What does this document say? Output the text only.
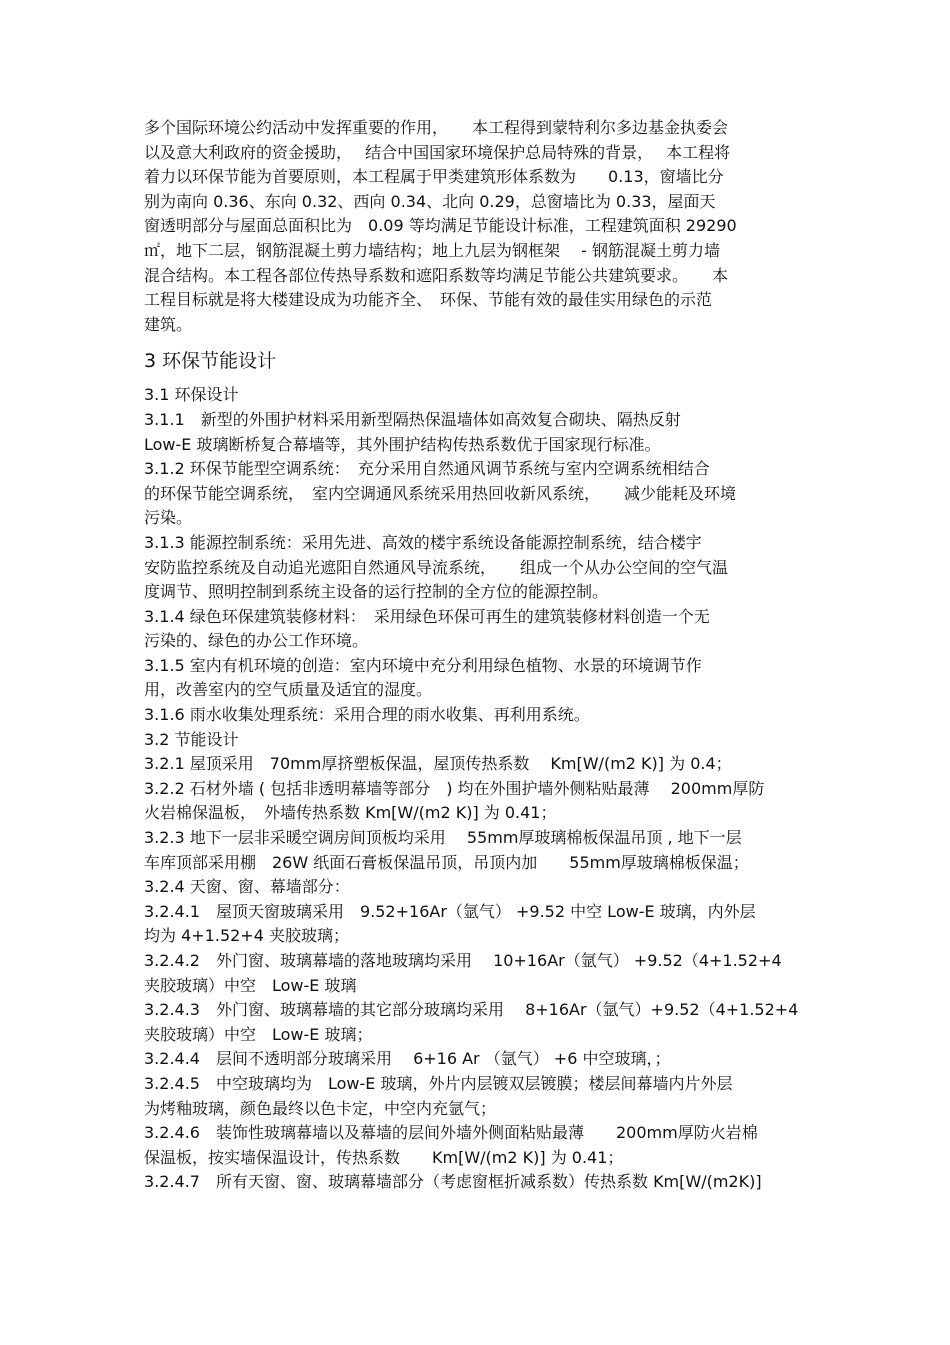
多个国际环境公约活动中发挥重要的作用，　　本工程得到蒙特利尔多边基金执委会
以及意大利政府的资金援助，　 结合中国国家环境保护总局特殊的背景，　 本工程将
着力以环保节能为首要原则，本工程属于甲类建筑形体系数为　　0.13，窗墙比分
别为南向 0.36、东向 0.32、西向 0.34、北向 0.29，总窗墙比为 0.33，屋面天
窗透明部分与屋面总面积比为　0.09 等均满足节能设计标准，工程建筑面积 29290
㎡，地下二层，钢筋混凝土剪力墙结构；地上九层为钢框架　 - 钢筋混凝土剪力墙
混合结构。本工程各部位传热导系数和遮阳系数等均满足节能公共建筑要求。　　本
工程目标就是将大楼建设成为功能齐全、　环保、节能有效的最佳实用绿色的示范
建筑。
3 环保节能设计
3.1 环保设计
3.1.1　新型的外围护材料采用新型隔热保温墙体如高效复合砌块、隔热反射
Low-E 玻璃断桥复合幕墙等，其外围护结构传热系数优于国家现行标准。
3.1.2 环保节能型空调系统：　充分采用自然通风调节系统与室内空调系统相结合
的环保节能空调系统，　室内空调通风系统采用热回收新风系统，　　减少能耗及环境
污染。
3.1.3 能源控制系统：采用先进、高效的楼宇系统设备能源控制系统，结合楼宇
安防监控系统及自动追光遮阳自然通风导流系统，　　组成一个从办公空间的空气温
度调节、照明控制到系统主设备的运行控制的全方位的能源控制。
3.1.4 绿色环保建筑装修材料：　采用绿色环保可再生的建筑装修材料创造一个无
污染的、绿色的办公工作环境。
3.1.5 室内有机环境的创造：室内环境中充分利用绿色植物、水景的环境调节作
用，改善室内的空气质量及适宜的湿度。
3.1.6 雨水收集处理系统：采用合理的雨水收集、再利用系统。
3.2 节能设计
3.2.1 屋顶采用　70mm厚挤塑板保温，屋顶传热系数　 Km[W/(m2 K)] 为 0.4；
3.2.2 石材外墙 ( 包括非透明幕墙等部分　) 均在外围护墙外侧粘贴最薄　 200mm厚防
火岩棉保温板，　外墙传热系数 Km[W/(m2 K)] 为 0.41；
3.2.3 地下一层非采暖空调房间顶板均采用　 55mm厚玻璃棉板保温吊顶 , 地下一层
车库顶部采用棚　26W 纸面石膏板保温吊顶，吊顶内加　　55mm厚玻璃棉板保温；
3.2.4 天窗、窗、幕墙部分：
3.2.4.1　屋顶天窗玻璃采用　9.52+16Ar（氩气） +9.52 中空 Low-E 玻璃，内外层
均为 4+1.52+4 夹胶玻璃；
3.2.4.2　外门窗、玻璃幕墙的落地玻璃均采用　 10+16Ar（氩气） +9.52（4+1.52+4
夹胶玻璃）中空　Low-E 玻璃
3.2.4.3　外门窗、玻璃幕墙的其它部分玻璃均采用　 8+16Ar（氩气）+9.52（4+1.52+4
夹胶玻璃）中空　Low-E 玻璃；
3.2.4.4　层间不透明部分玻璃采用　 6+16 Ar （氩气） +6 中空玻璃，；
3.2.4.5　中空玻璃均为　Low-E 玻璃，外片内层镀双层镀膜；楼层间幕墙内片外层
为烤釉玻璃，颜色最终以色卡定，中空内充氩气；
3.2.4.6　装饰性玻璃幕墙以及幕墙的层间外墙外侧面粘贴最薄　　200mm厚防火岩棉
保温板，按实墙保温设计，传热系数　　Km[W/(m2 K)] 为 0.41；
3.2.4.7　所有天窗、窗、玻璃幕墙部分（考虑窗框折减系数）传热系数 Km[W/(m2K)]
